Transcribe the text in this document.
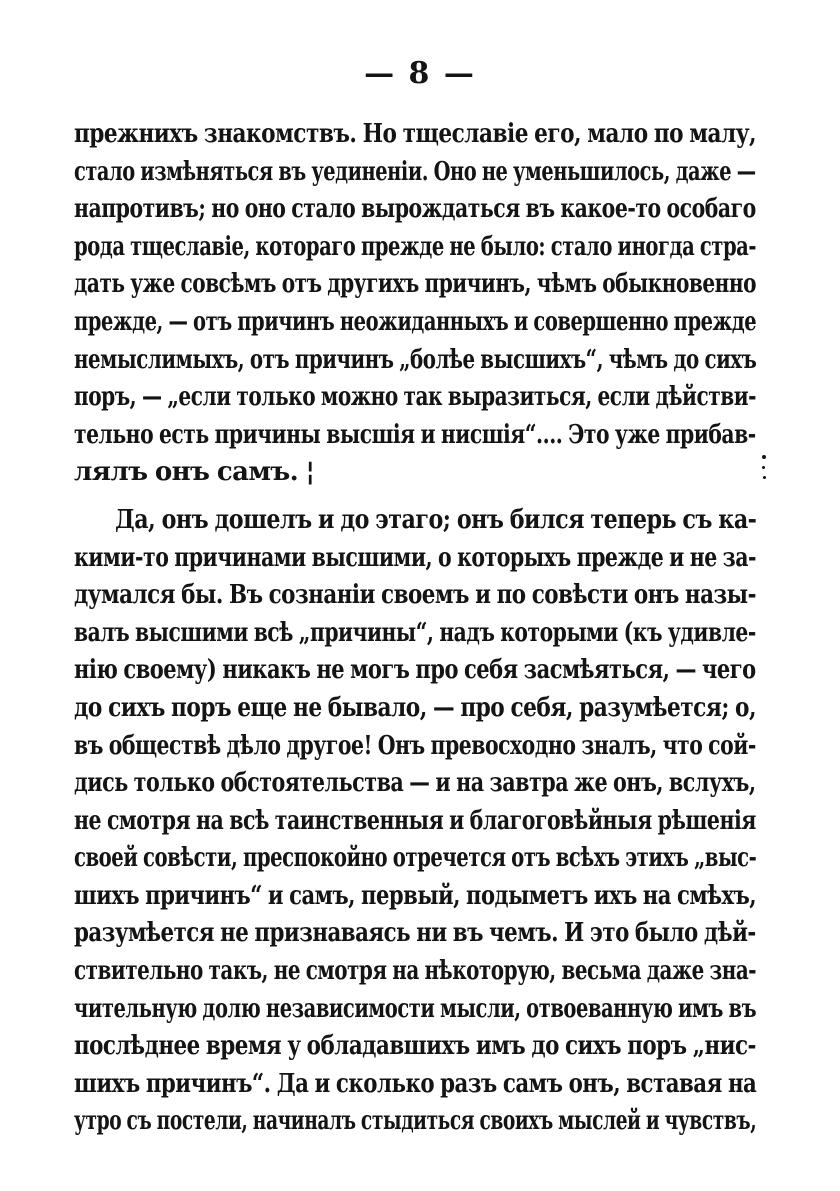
— 8 —
прежнихъ знакомствъ. Но тщеславіе его, мало по малу,
стало измѣняться въ уединеніи. Оно не уменьшилось, даже —
напротивъ; но оно стало вырождаться въ какое-то особаго
рода тщеславіе, котораго прежде не было: стало иногда стра-
дать уже совсѣмъ отъ другихъ причинъ, чѣмъ обыкновенно
прежде, — отъ причинъ неожиданныхъ и совершенно прежде
немыслимыхъ, отъ причинъ „болѣе высшихъ“, чѣмъ до сихъ
поръ, — „если только можно так выразиться, если дѣйстви-
тельно есть причины высшія и нисшія“.... Это уже прибав-
лялъ онъ самъ. ¦
Да, онъ дошелъ и до этаго; онъ бился теперь съ ка-
кими-то причинами высшими, о которыхъ прежде и не за-
думался бы. Въ сознаніи своемъ и по совѣсти онъ назы-
валъ высшими всѣ „причины“, надъ которыми (къ удивле-
нію своему) никакъ не могъ про себя засмѣяться, — чего
до сихъ поръ еще не бывало, — про себя, разумѣется; о,
въ обществѣ дѣло другое! Онъ превосходно зналъ, что сой-
дись только обстоятельства — и на завтра же онъ, вслухъ,
не смотря на всѣ таинственныя и благоговѣйныя рѣшенія
своей совѣсти, преспокойно отречется отъ всѣхъ этихъ „выс-
шихъ причинъ“ и самъ, первый, подыметъ ихъ на смѣхъ,
разумѣется не признаваясь ни въ чемъ. И это было дѣй-
ствительно такъ, не смотря на нѣкоторую, весьма даже зна-
чительную долю независимости мысли, отвоеванную имъ въ
послѣднее время у обладавшихъ имъ до сихъ поръ „нис-
шихъ причинъ“. Да и сколько разъ самъ онъ, вставая на
утро съ постели, начиналъ стыдиться своихъ мыслей и чувствъ,
